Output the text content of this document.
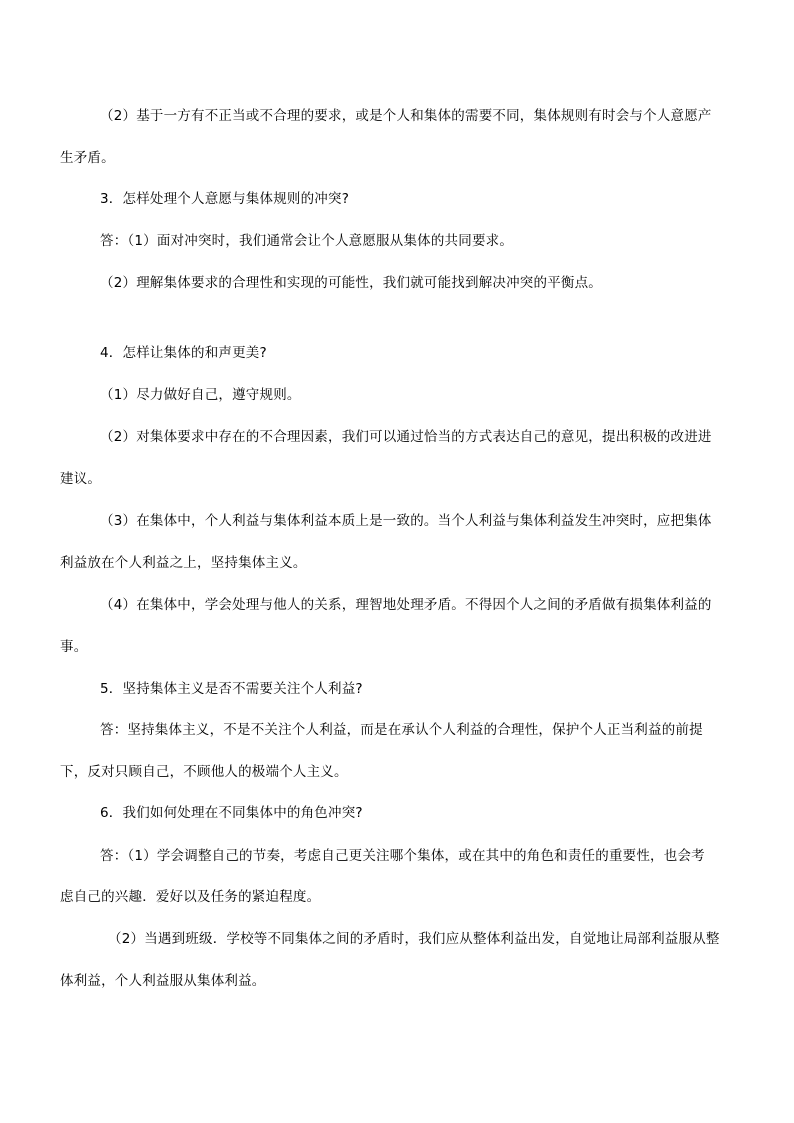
（2）基于一方有不正当或不合理的要求，或是个人和集体的需要不同，集体规则有时会与个人意愿产
生矛盾。
3．怎样处理个人意愿与集体规则的冲突?
答：（1）面对冲突时，我们通常会让个人意愿服从集体的共同要求。
（2）理解集体要求的合理性和实现的可能性，我们就可能找到解决冲突的平衡点。
4．怎样让集体的和声更美?
（1）尽力做好自己，遵守规则。
（2）对集体要求中存在的不合理因素，我们可以通过恰当的方式表达自己的意见，提出积极的改进进
建议。
（3）在集体中，个人利益与集体利益本质上是一致的。当个人利益与集体利益发生冲突时，应把集体
利益放在个人利益之上，坚持集体主义。
（4）在集体中，学会处理与他人的关系，理智地处理矛盾。不得因个人之间的矛盾做有损集体利益的
事。
5．坚持集体主义是否不需要关注个人利益?
答：坚持集体主义，不是不关注个人利益，而是在承认个人利益的合理性，保护个人正当利益的前提
下，反对只顾自己，不顾他人的极端个人主义。
6．我们如何处理在不同集体中的角色冲突?
答：（1）学会调整自己的节奏，考虑自己更关注哪个集体，或在其中的角色和责任的重要性，也会考
虑自己的兴趣．爱好以及任务的紧迫程度。
（2）当遇到班级．学校等不同集体之间的矛盾时，我们应从整体利益出发，自觉地让局部利益服从整
体利益，个人利益服从集体利益。
